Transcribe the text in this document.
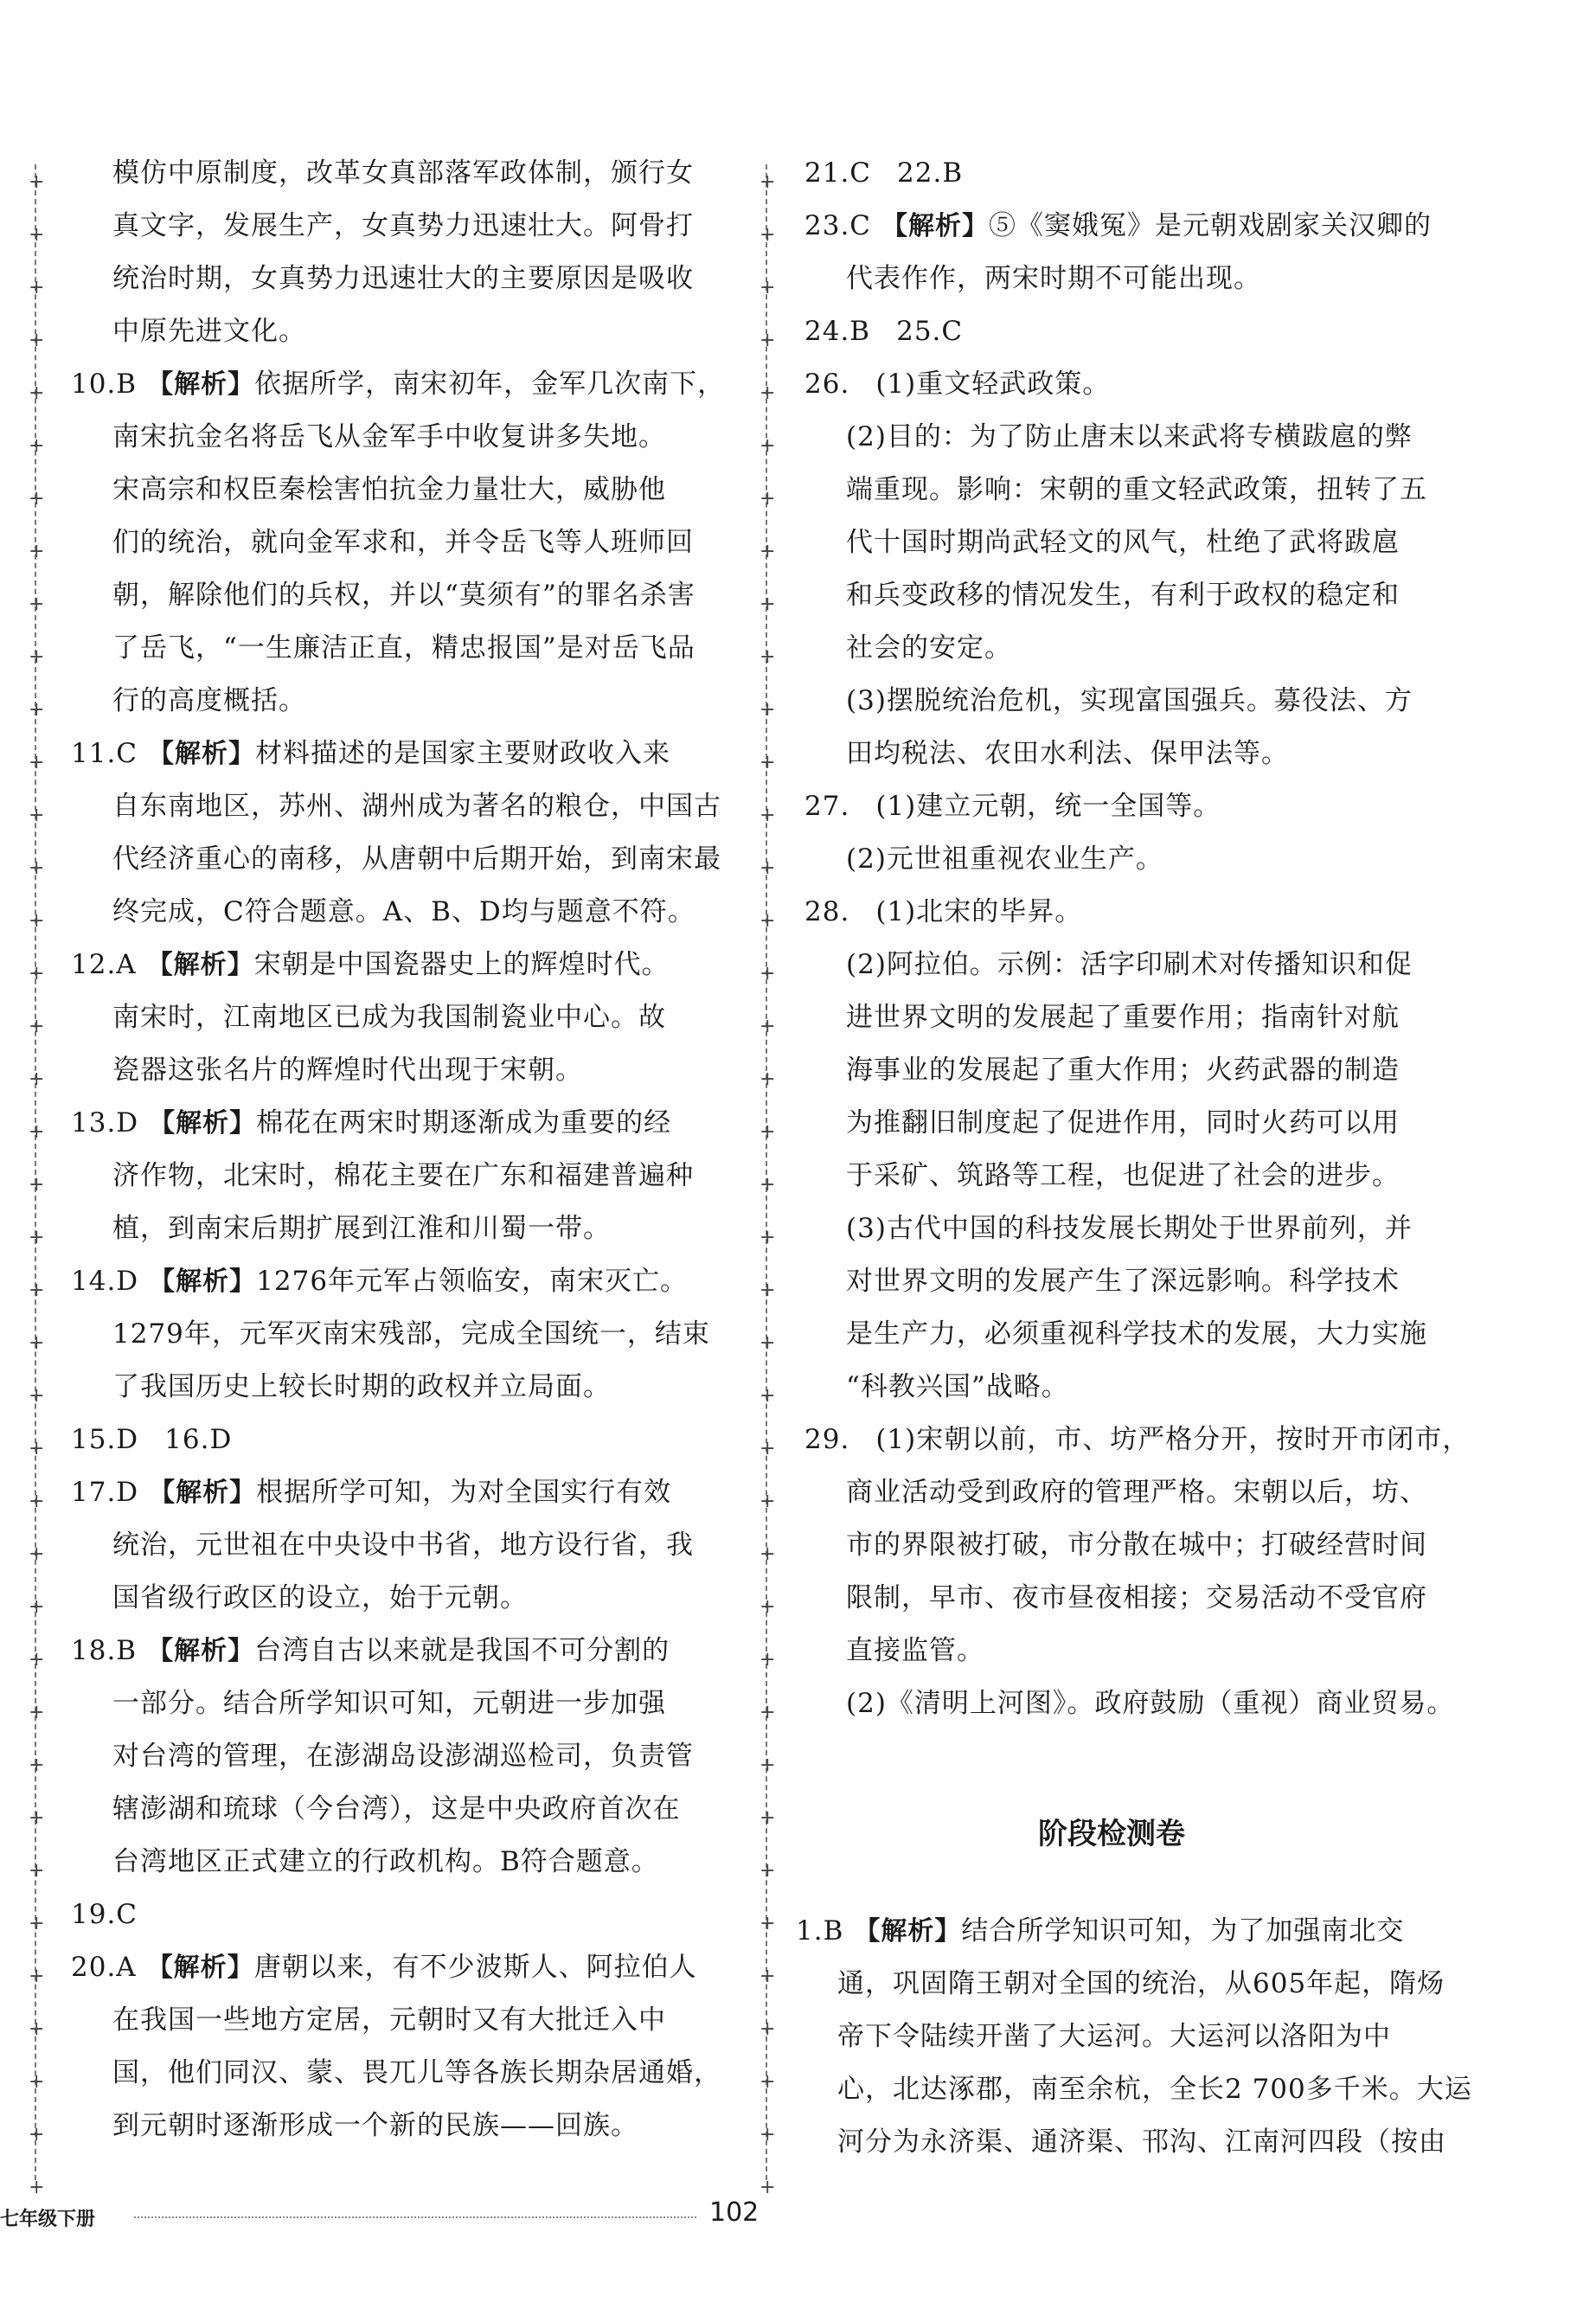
模仿中原制度，改革女真部落军政体制，颁行女
真文字，发展生产，女真势力迅速壮大。阿骨打
统治时期，女真势力迅速壮大的主要原因是吸收
中原先进文化。
10.B 【解析】依据所学，南宋初年，金军几次南下，
南宋抗金名将岳飞从金军手中收复讲多失地。
宋高宗和权臣秦桧害怕抗金力量壮大，威胁他
们的统治，就向金军求和，并令岳飞等人班师回
朝，解除他们的兵权，并以“莫须有”的罪名杀害
了岳飞，“一生廉洁正直，精忠报国”是对岳飞品
行的高度概括。
11.C 【解析】材料描述的是国家主要财政收入来
自东南地区，苏州、湖州成为著名的粮仓，中国古
代经济重心的南移，从唐朝中后期开始，到南宋最
终完成，C符合题意。A、B、D均与题意不符。
12.A 【解析】宋朝是中国瓷器史上的辉煌时代。
南宋时，江南地区已成为我国制瓷业中心。故
瓷器这张名片的辉煌时代出现于宋朝。
13.D 【解析】棉花在两宋时期逐渐成为重要的经
济作物，北宋时，棉花主要在广东和福建普遍种
植，到南宋后期扩展到江淮和川蜀一带。
14.D 【解析】1276年元军占领临安，南宋灭亡。
1279年，元军灭南宋残部，完成全国统一，结束
了我国历史上较长时期的政权并立局面。
15.D 16.D
17.D 【解析】根据所学可知，为对全国实行有效
统治，元世祖在中央设中书省，地方设行省，我
国省级行政区的设立，始于元朝。
18.B 【解析】台湾自古以来就是我国不可分割的
一部分。结合所学知识可知，元朝进一步加强
对台湾的管理，在澎湖岛设澎湖巡检司，负责管
辖澎湖和琉球（今台湾），这是中央政府首次在
台湾地区正式建立的行政机构。B符合题意。
19.C
20.A 【解析】唐朝以来，有不少波斯人、阿拉伯人
在我国一些地方定居，元朝时又有大批迁入中
国，他们同汉、蒙、畏兀儿等各族长期杂居通婚，
到元朝时逐渐形成一个新的民族——回族。
21.C 22.B
23.C 【解析】⑤《窦娥冤》是元朝戏剧家关汉卿的
代表作作，两宋时期不可能出现。
24.B 25.C
26. (1)重文轻武政策。
(2)目的：为了防止唐末以来武将专横跋扈的弊
端重现。影响：宋朝的重文轻武政策，扭转了五
代十国时期尚武轻文的风气，杜绝了武将跋扈
和兵变政移的情况发生，有利于政权的稳定和
社会的安定。
(3)摆脱统治危机，实现富国强兵。募役法、方
田均税法、农田水利法、保甲法等。
27. (1)建立元朝，统一全国等。
(2)元世祖重视农业生产。
28. (1)北宋的毕昇。
(2)阿拉伯。示例：活字印刷术对传播知识和促
进世界文明的发展起了重要作用；指南针对航
海事业的发展起了重大作用；火药武器的制造
为推翻旧制度起了促进作用，同时火药可以用
于采矿、筑路等工程，也促进了社会的进步。
(3)古代中国的科技发展长期处于世界前列，并
对世界文明的发展产生了深远影响。科学技术
是生产力，必须重视科学技术的发展，大力实施
“科教兴国”战略。
29. (1)宋朝以前，市、坊严格分开，按时开市闭市，
商业活动受到政府的管理严格。宋朝以后，坊、
市的界限被打破，市分散在城中；打破经营时间
限制，早市、夜市昼夜相接；交易活动不受官府
直接监管。
(2)《清明上河图》。政府鼓励（重视）商业贸易。
阶段检测卷
1.B 【解析】结合所学知识可知，为了加强南北交
通，巩固隋王朝对全国的统治，从605年起，隋炀
帝下令陆续开凿了大运河。大运河以洛阳为中
心，北达涿郡，南至余杭，全长2 700多千米。大运
河分为永济渠、通济渠、邗沟、江南河四段（按由
七年级下册	102
+
+
+
+
+
+
+
+
+
+
+
+
+
+
+
+
+
+
+
+
+
+
+
+
+
+
+
+
+
+
+
+
+
+
+
+
+
+
+
+
+
+
+
+
+
+
+
+
+
+
+
+
+
+
+
+
+
+
+
+
+
+
+
+
+
+
+
+
+
+
+
+
+
+
+
+
+
+
